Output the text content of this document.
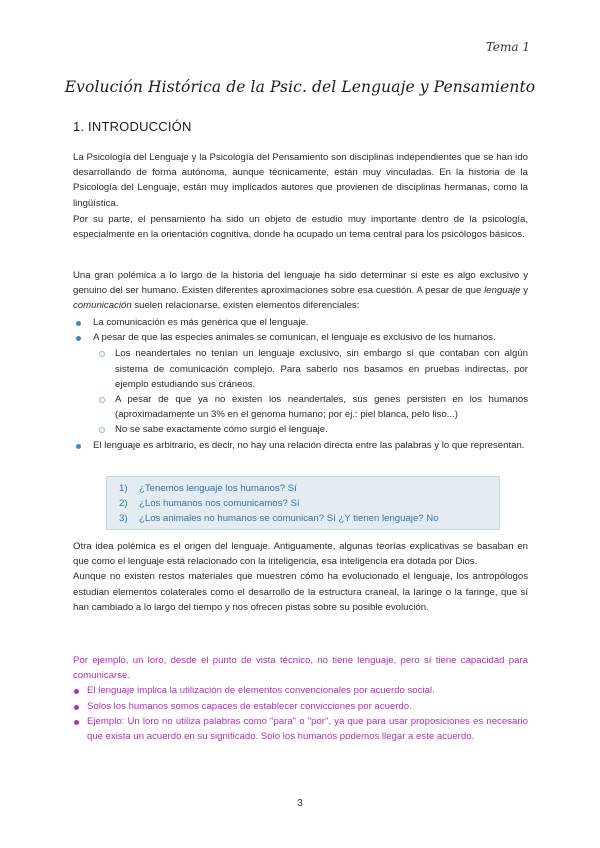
Tema 1
Evolución Histórica de la Psic. del Lenguaje y Pensamiento
1. INTRODUCCIÓN

La Psicología del Lenguaje y la Psicología del Pensamiento son disciplinas independientes que se han ido desarrollando de forma autónoma, aunque técnicamente, están muy vinculadas. En la historia de la Psicología del Lenguaje, están muy implicados autores que provienen de disciplinas hermanas, como la lingüística.

Por su parte, el pensamiento ha sido un objeto de estudio muy importante dentro de la psicología, especialmente en la orientación cognitiva, donde ha ocupado un tema central para los psicólogos básicos.

Una gran polémica a lo largo de la historia del lenguaje ha sido determinar si este es algo exclusivo y genuino del ser humano. Existen diferentes aproximaciones sobre esa cuestión. A pesar de que lenguaje y comunicación suelen relacionarse, existen elementos diferenciales:

La comunicación es más genérica que el lenguaje.
A pesar de que las especies animales se comunican, el lenguaje es exclusivo de los humanos.
Los neandertales no tenían un lenguaje exclusivo, sin embargo sí que contaban con algún sistema de comunicación complejo. Para saberlo nos basamos en pruebas indirectas, por ejemplo estudiando sus cráneos.
A pesar de que ya no existen los neandertales, sus genes persisten en los humanos (aproximadamente un 3% en el genoma humano; por ej.: piel blanca, pelo liso...)
No se sabe exactamente cómo surgió el lenguaje.
El lenguaje es arbitrario, es decir, no hay una relación directa entre las palabras y lo que representan.
1) ¿Tenemos lenguaje los humanos? Sí
2) ¿Los humanos nos comunicamos? Sí
3) ¿Los animales no humanos se comunican? Sí ¿Y tienen lenguaje? No

Otra idea polémica es el origen del lenguaje. Antiguamente, algunas teorías explicativas se basaban en que como el lenguaje está relacionado con la inteligencia, esa inteligencia era dotada por Dios.

Aunque no existen restos materiales que muestren cómo ha evolucionado el lenguaje, los antropólogos estudian elementos colaterales como el desarrollo de la estructura craneal, la laringe o la faringe, que sí han cambiado a lo largo del tiempo y nos ofrecen pistas sobre su posible evolución.

Por ejemplo, un loro, desde el punto de vista técnico, no tiene lenguaje, pero sí tiene capacidad para comunicarse.

El lenguaje implica la utilización de elementos convencionales por acuerdo social.
Solos los humanos somos capaces de establecer convicciones por acuerdo.
Ejemplo: Un loro no utiliza palabras como "para" o "por", ya que para usar proposiciones es necesario que exista un acuerdo en su significado. Solo los humanos podemos llegar a este acuerdo.
3
